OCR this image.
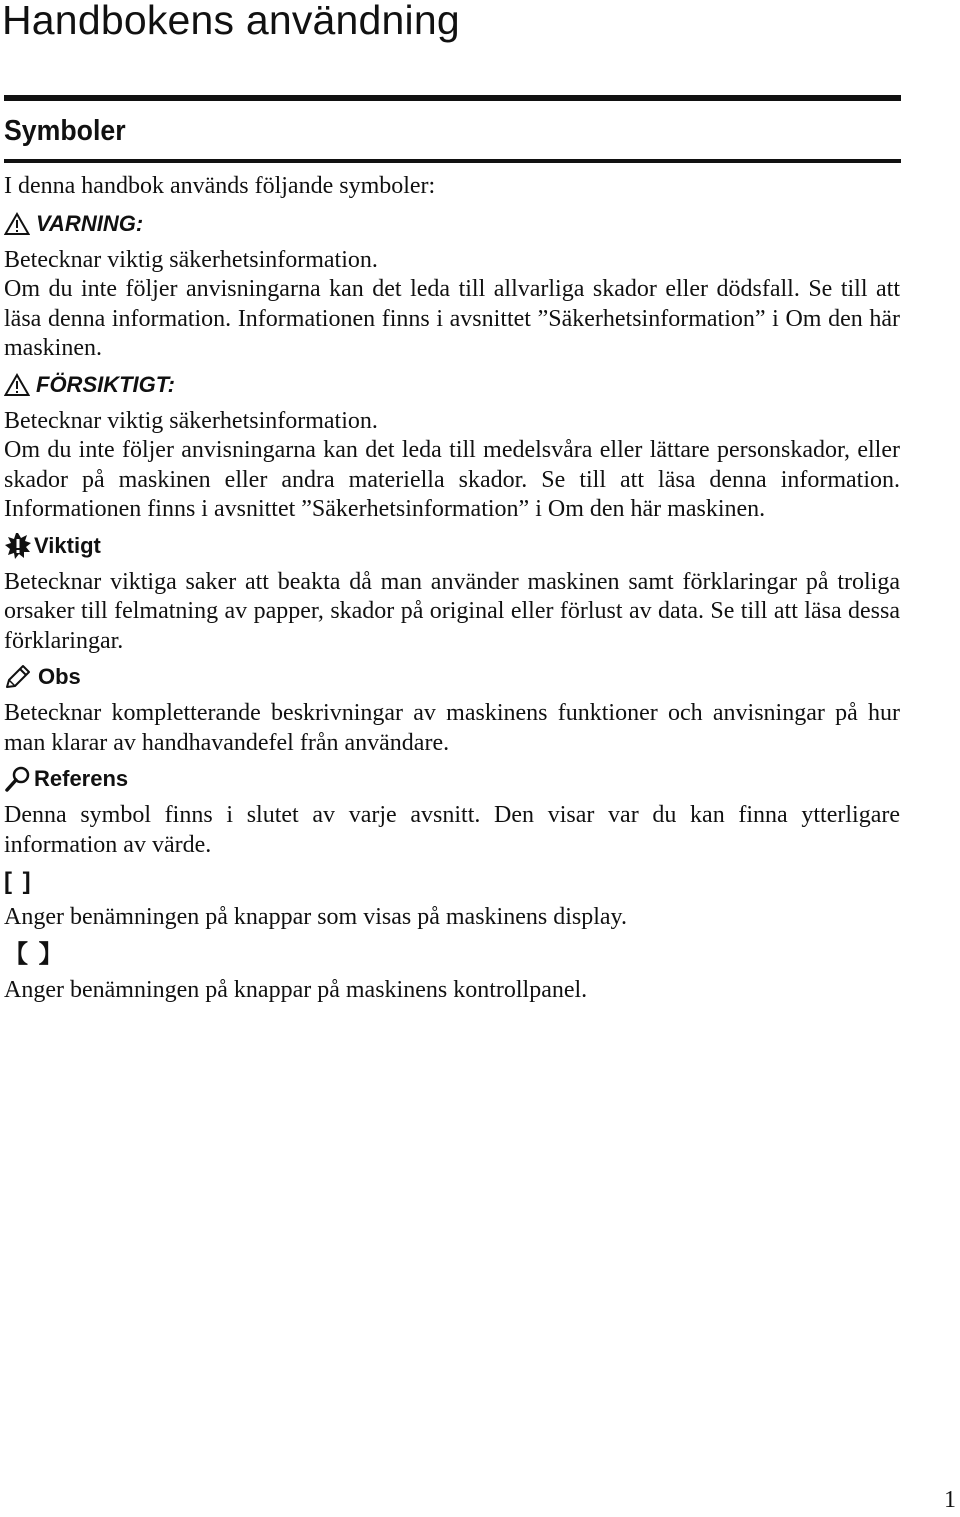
Handbokens användning
Symboler

I denna handbok används följande symboler:

VARNING:

Betecknar viktig säkerhetsinformation.

Om du inte följer anvisningarna kan det leda till allvarliga skador eller dödsfall. Se till att läsa denna information. Informationen finns i avsnittet ”Säkerhetsinformation” i Om den här maskinen.

FÖRSIKTIGT:

Betecknar viktig säkerhetsinformation.

Om du inte följer anvisningarna kan det leda till medelsvåra eller lättare personskador, eller skador på maskinen eller andra materiella skador. Se till att läsa denna information. Informationen finns i avsnittet ”Säkerhetsinformation” i Om den här maskinen.

Viktigt

Betecknar viktiga saker att beakta då man använder maskinen samt förklaringar på troliga orsaker till felmatning av papper, skador på original eller förlust av data. Se till att läsa dessa förklaringar.

Obs

Betecknar kompletterande beskrivningar av maskinens funktioner och anvisningar på hur man klarar av handhavandefel från användare.

Referens

Denna symbol finns i slutet av varje avsnitt. Den visar var du kan finna ytterligare information av värde.

[ ]

Anger benämningen på knappar som visas på maskinens display.

【 】

Anger benämningen på knappar på maskinens kontrollpanel.

1
